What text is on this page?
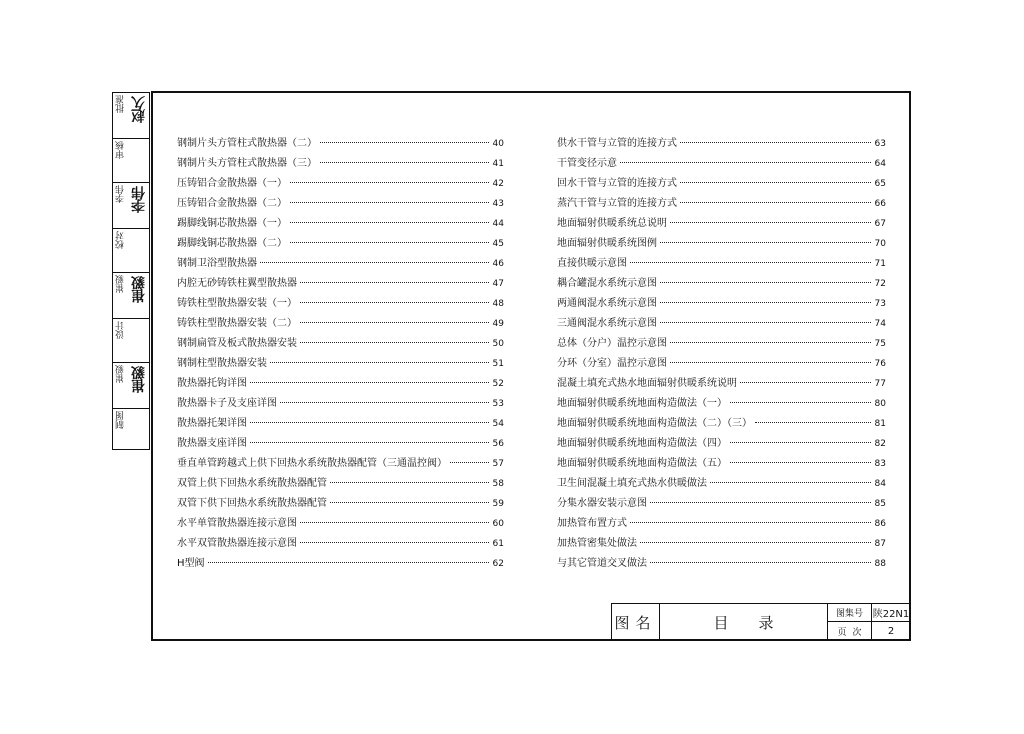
批准 赵久
审核
李伟 李伟
校对
崔毅 崔毅
设计
崔毅 崔毅
制图
钢制片头方管柱式散热器（二）	40
钢制片头方管柱式散热器（三）	41
压铸铝合金散热器（一）	42
压铸铝合金散热器（二）	43
踢脚线铜芯散热器（一）	44
踢脚线铜芯散热器（二）	45
钢制卫浴型散热器	46
内腔无砂铸铁柱翼型散热器	47
铸铁柱型散热器安装（一）	48
铸铁柱型散热器安装（二）	49
钢制扁管及板式散热器安装	50
钢制柱型散热器安装	51
散热器托钩详图	52
散热器卡子及支座详图	53
散热器托架详图	54
散热器支座详图	56
垂直单管跨越式上供下回热水系统散热器配管（三通温控阀）	57
双管上供下回热水系统散热器配管	58
双管下供下回热水系统散热器配管	59
水平单管散热器连接示意图	60
水平双管散热器连接示意图	61
H型阀	62
供水干管与立管的连接方式	63
干管变径示意	64
回水干管与立管的连接方式	65
蒸汽干管与立管的连接方式	66
地面辐射供暖系统总说明	67
地面辐射供暖系统图例	70
直接供暖示意图	71
耦合罐混水系统示意图	72
两通阀混水系统示意图	73
三通阀混水系统示意图	74
总体（分户）温控示意图	75
分环（分室）温控示意图	76
混凝土填充式热水地面辐射供暖系统说明	77
地面辐射供暖系统地面构造做法（一）	80
地面辐射供暖系统地面构造做法（二）（三）	81
地面辐射供暖系统地面构造做法（四）	82
地面辐射供暖系统地面构造做法（五）	83
卫生间混凝土填充式热水供暖做法	84
分集水器安装示意图	85
加热管布置方式	86
加热管密集处做法	87
与其它管道交叉做法	88
图名	目录	图集号 陕22N1
页次	2
